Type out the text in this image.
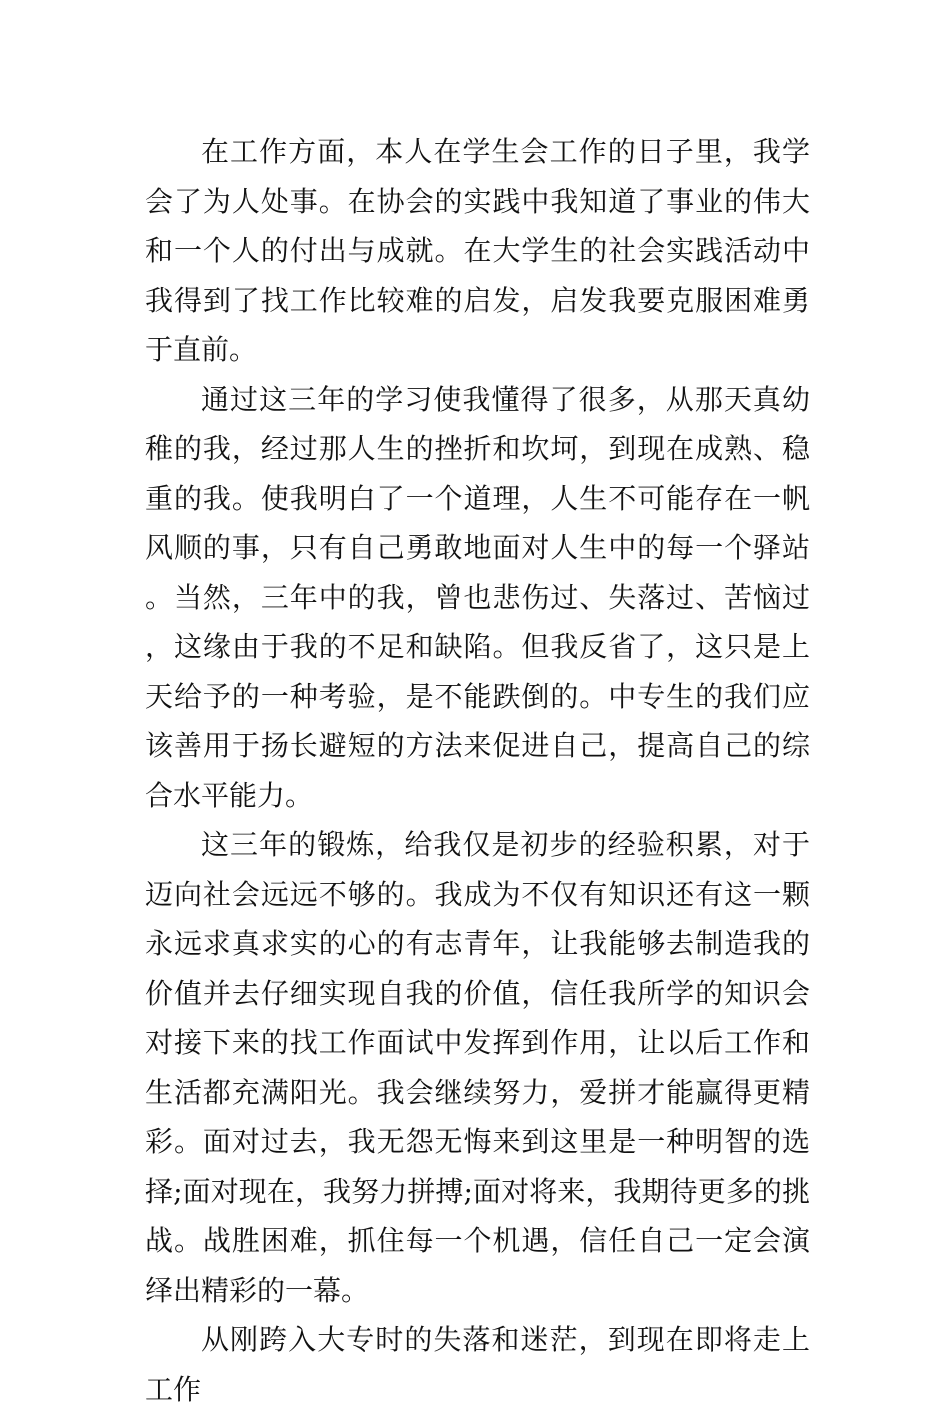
在工作方面，本人在学生会工作的日子里，我学会了为人处事。在协会的实践中我知道了事业的伟大和一个人的付出与成就。在大学生的社会实践活动中我得到了找工作比较难的启发，启发我要克服困难勇于直前。

通过这三年的学习使我懂得了很多，从那天真幼稚的我，经过那人生的挫折和坎坷，到现在成熟、稳重的我。使我明白了一个道理，人生不可能存在一帆风顺的事，只有自己勇敢地面对人生中的每一个驿站。当然，三年中的我，曾也悲伤过、失落过、苦恼过，这缘由于我的不足和缺陷。但我反省了，这只是上天给予的一种考验，是不能跌倒的。中专生的我们应该善用于扬长避短的方法来促进自己，提高自己的综合水平能力。

这三年的锻炼，给我仅是初步的经验积累，对于迈向社会远远不够的。我成为不仅有知识还有这一颗永远求真求实的心的有志青年，让我能够去制造我的价值并去仔细实现自我的价值，信任我所学的知识会对接下来的找工作面试中发挥到作用，让以后工作和生活都充满阳光。我会继续努力，爱拼才能赢得更精彩。面对过去，我无怨无悔来到这里是一种明智的选择;面对现在，我努力拼搏;面对将来，我期待更多的挑战。战胜困难，抓住每一个机遇，信任自己一定会演绎出精彩的一幕。

从刚跨入大专时的失落和迷茫，到现在即将走上工作
